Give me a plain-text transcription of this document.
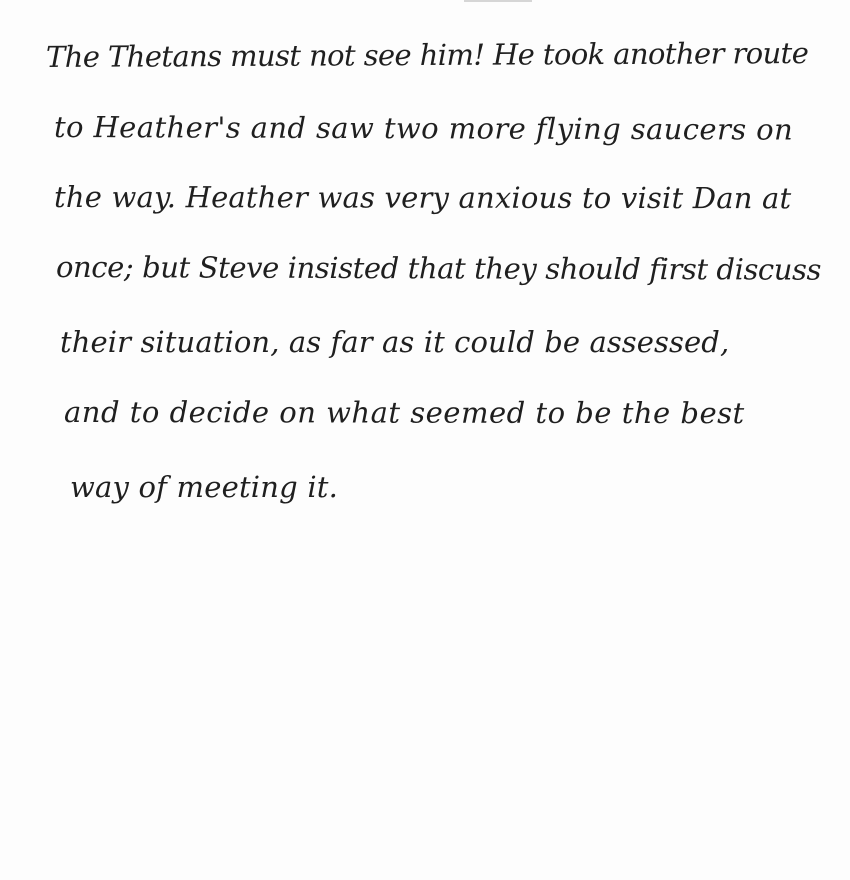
The Thetans must not see him! He took another route
to Heather's and saw two more flying saucers on
the way. Heather was very anxious to visit Dan at
once; but Steve insisted that they should first discuss
their situation, as far as it could be assessed,
and to decide on what seemed to be the best
way of meeting it.
